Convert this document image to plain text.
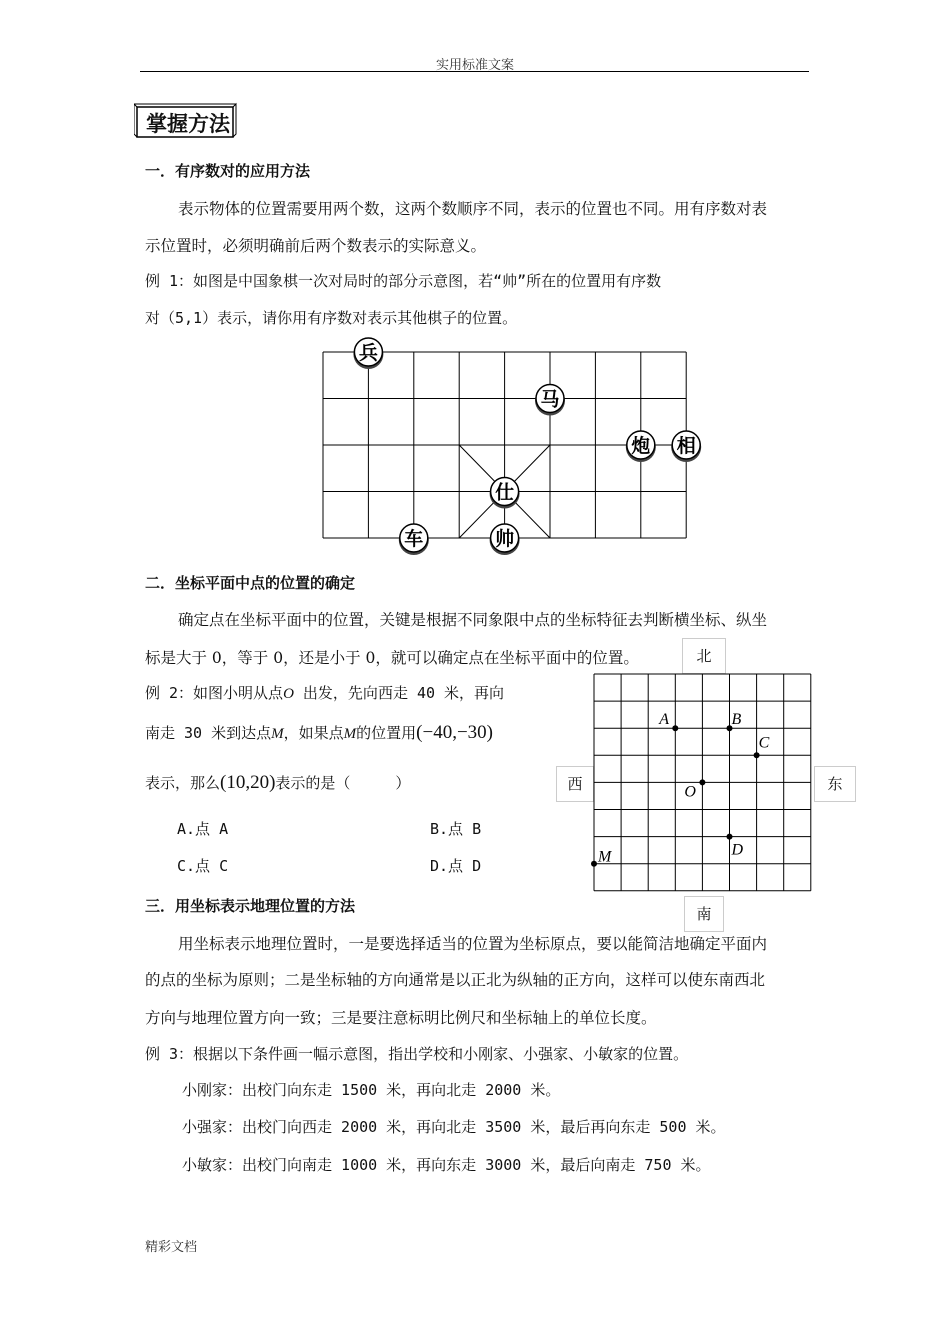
实用标准文案
掌握方法
一．有序数对的应用方法
表示物体的位置需要用两个数，这两个数顺序不同，表示的位置也不同。用有序数对表
示位置时，必须明确前后两个数表示的实际意义。
例 1：如图是中国象棋一次对局时的部分示意图，若“帅”所在的位置用有序数
对（5,1）表示，请你用有序数对表示其他棋子的位置。
兵
马
炮 相
仕
车	帅
二．坐标平面中点的位置的确定
确定点在坐标平面中的位置，关键是根据不同象限中点的坐标特征去判断横坐标、纵坐
标是大于 0，等于 0，还是小于 0，就可以确定点在坐标平面中的位置。
例 2：如图小明从点O 出发，先向西走 40 米，再向
南走 30 米到达点M，如果点M的位置用(−40,−30)
表示，那么(10,20)表示的是（　　　）
A.点 A	B.点 B
C.点 C	D.点 D
北
南
西	东
A	B
C
O
D
M
三．用坐标表示地理位置的方法
用坐标表示地理位置时，一是要选择适当的位置为坐标原点，要以能简洁地确定平面内
的点的坐标为原则；二是坐标轴的方向通常是以正北为纵轴的正方向，这样可以使东南西北
方向与地理位置方向一致；三是要注意标明比例尺和坐标轴上的单位长度。
例 3：根据以下条件画一幅示意图，指出学校和小刚家、小强家、小敏家的位置。
小刚家：出校门向东走 1500 米，再向北走 2000 米。
小强家：出校门向西走 2000 米，再向北走 3500 米，最后再向东走 500 米。
小敏家：出校门向南走 1000 米，再向东走 3000 米，最后向南走 750 米。
精彩文档
